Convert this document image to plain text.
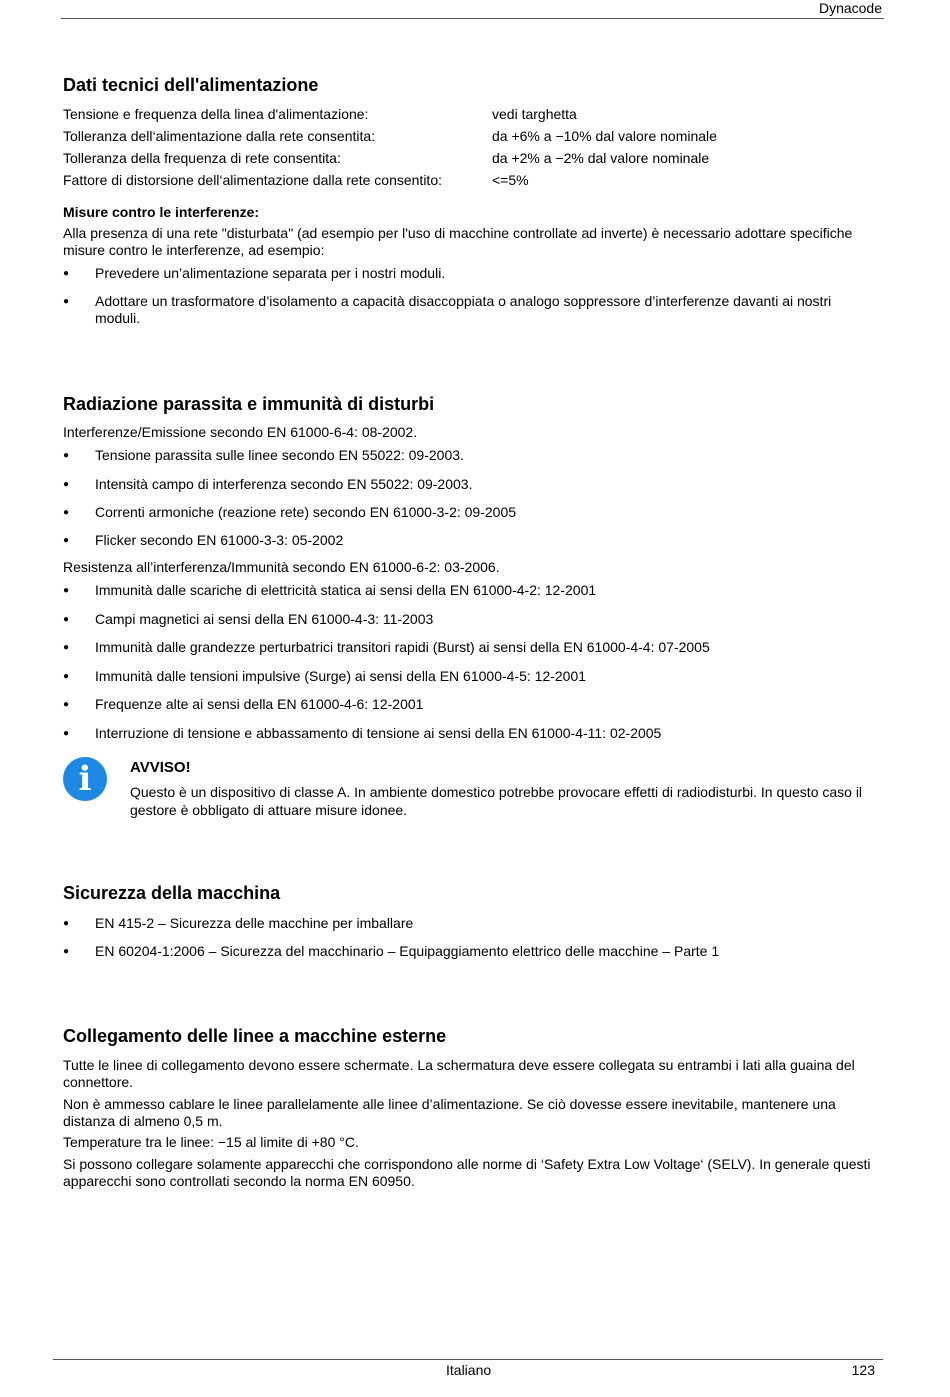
Dynacode
Dati tecnici dell'alimentazione
Tensione e frequenza della linea d'alimentazione:	vedi targhetta
Tolleranza dell‘alimentazione dalla rete consentita:	da +6% a −10% dal valore nominale
Tolleranza della frequenza di rete consentita:	da +2% a −2% dal valore nominale
Fattore di distorsione dell‘alimentazione dalla rete consentito:	<=5%
Misure contro le interferenze:
Alla presenza di una rete "disturbata" (ad esempio per l'uso di macchine controllate ad inverte) è necessario adottare specifiche misure contro le interferenze, ad esempio:
● Prevedere un’alimentazione separata per i nostri moduli.
● Adottare un trasformatore d’isolamento a capacità disaccoppiata o analogo soppressore d’interferenze davanti ai nostri moduli.
Radiazione parassita e immunità di disturbi
Interferenze/Emissione secondo EN 61000-6-4: 08-2002.
● Tensione parassita sulle linee secondo EN 55022: 09-2003.
● Intensità campo di interferenza secondo EN 55022: 09-2003.
● Correnti armoniche (reazione rete) secondo EN 61000-3-2: 09-2005
● Flicker secondo EN 61000-3-3: 05-2002
Resistenza all’interferenza/Immunità secondo EN 61000-6-2: 03-2006.
● Immunità dalle scariche di elettricità statica ai sensi della EN 61000-4-2: 12-2001
● Campi magnetici ai sensi della EN 61000-4-3: 11-2003
● Immunità dalle grandezze perturbatrici transitori rapidi (Burst) ai sensi della EN 61000-4-4: 07-2005
● Immunità dalle tensioni impulsive (Surge) ai sensi della EN 61000-4-5: 12-2001
● Frequenze alte ai sensi della EN 61000-4-6: 12-2001
● Interruzione di tensione e abbassamento di tensione ai sensi della EN 61000-4-11: 02-2005
i	AVVISO!
Questo è un dispositivo di classe A. In ambiente domestico potrebbe provocare effetti di radiodisturbi. In questo caso il gestore è obbligato di attuare misure idonee.
Sicurezza della macchina
● EN 415-2 – Sicurezza delle macchine per imballare
● EN 60204-1:2006 – Sicurezza del macchinario – Equipaggiamento elettrico delle macchine – Parte 1
Collegamento delle linee a macchine esterne
Tutte le linee di collegamento devono essere schermate. La schermatura deve essere collegata su entrambi i lati alla guaina del connettore.
Non è ammesso cablare le linee parallelamente alle linee d’alimentazione. Se ciò dovesse essere inevitabile, mantenere una distanza di almeno 0,5 m.
Temperature tra le linee: −15 al limite di +80 °C.
Si possono collegare solamente apparecchi che corrispondono alle norme di ‘Safety Extra Low Voltage‘ (SELV). In generale questi apparecchi sono controllati secondo la norma EN 60950.
Italiano	123
